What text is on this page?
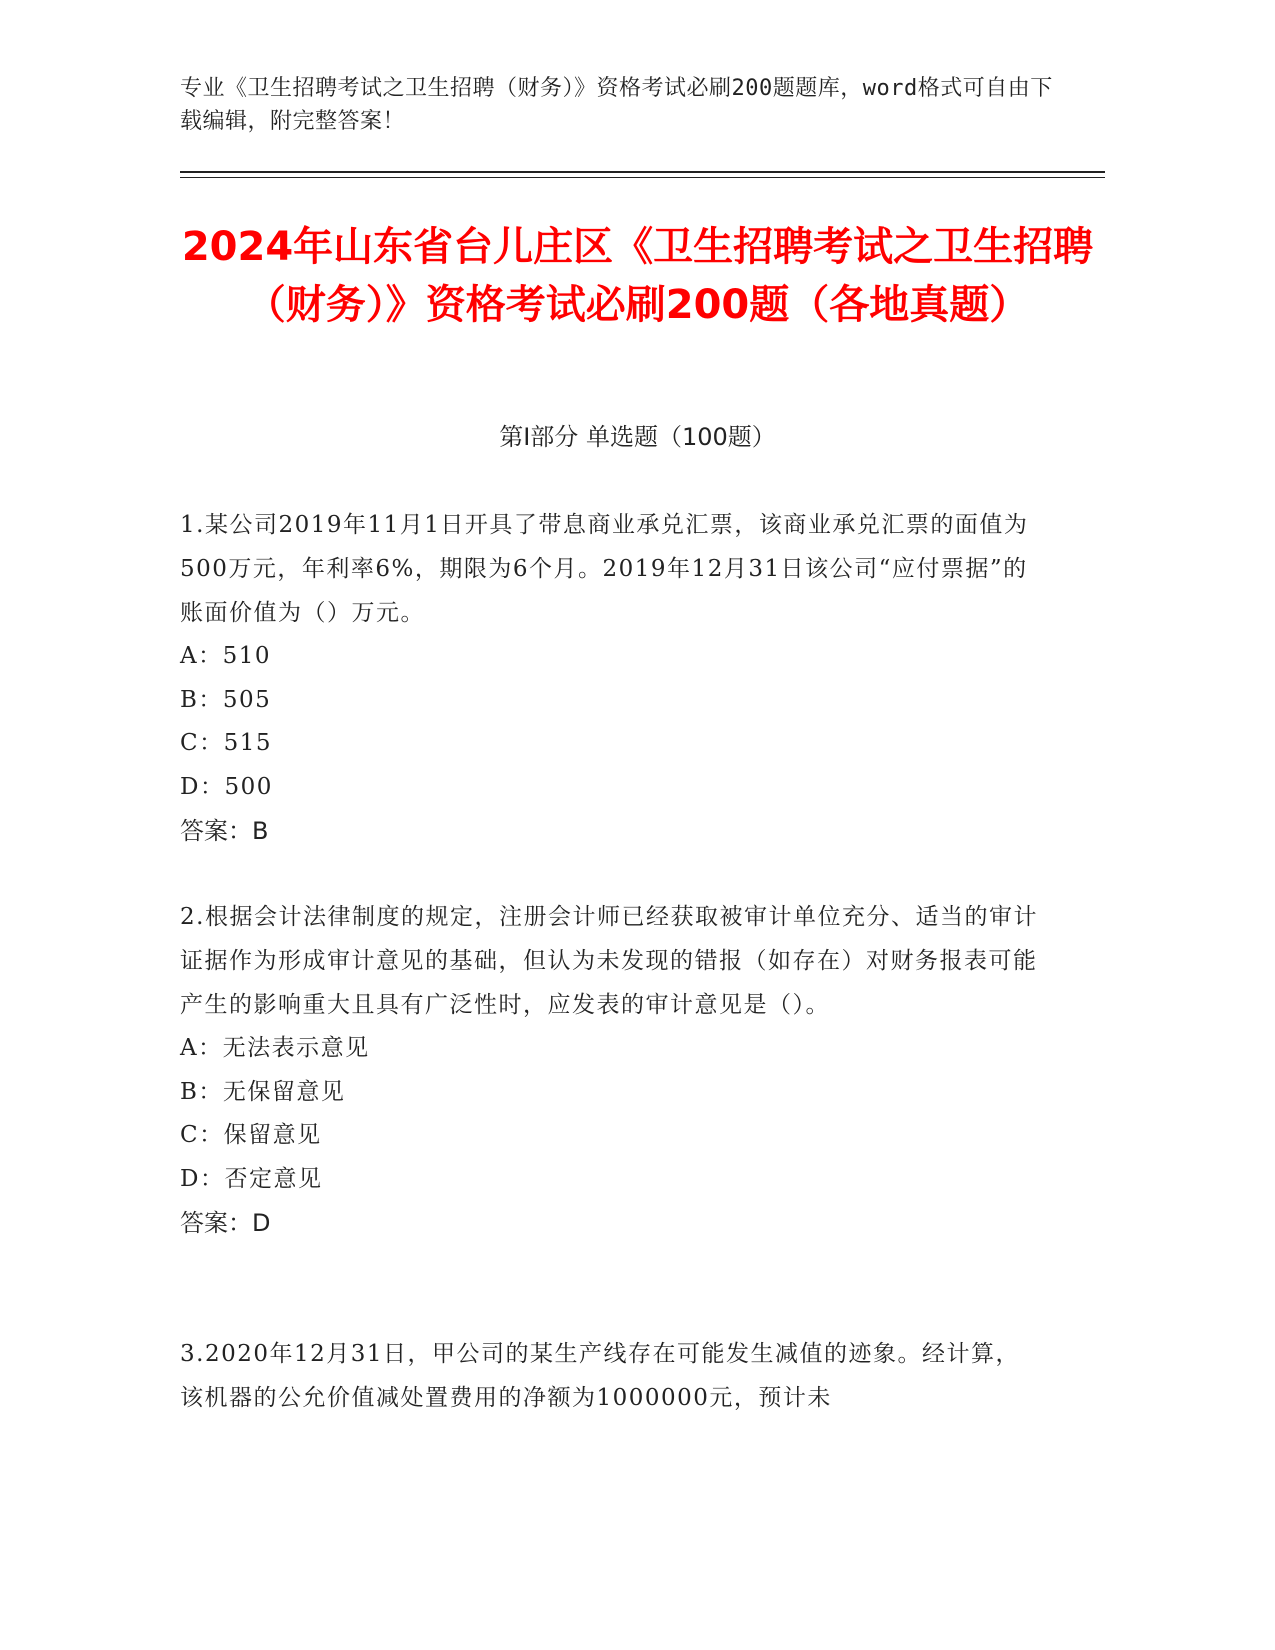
专业《卫生招聘考试之卫生招聘（财务）》资格考试必刷200题题库，word格式可自由下载编辑，附完整答案！
2024年山东省台儿庄区《卫生招聘考试之卫生招聘（财务）》资格考试必刷200题（各地真题）
第I部分 单选题（100题）
1.某公司2019年11月1日开具了带息商业承兑汇票，该商业承兑汇票的面值为500万元，年利率6%，期限为6个月。2019年12月31日该公司“应付票据”的账面价值为（）万元。
A：510
B：505
C：515
D：500
答案：B
2.根据会计法律制度的规定，注册会计师已经获取被审计单位充分、适当的审计证据作为形成审计意见的基础，但认为未发现的错报（如存在）对财务报表可能产生的影响重大且具有广泛性时，应发表的审计意见是（）。
A：无法表示意见
B：无保留意见
C：保留意见
D：否定意见
答案：D
3.2020年12月31日，甲公司的某生产线存在可能发生减值的迹象。经计算，该机器的公允价值减处置费用的净额为1000000元，预计未
